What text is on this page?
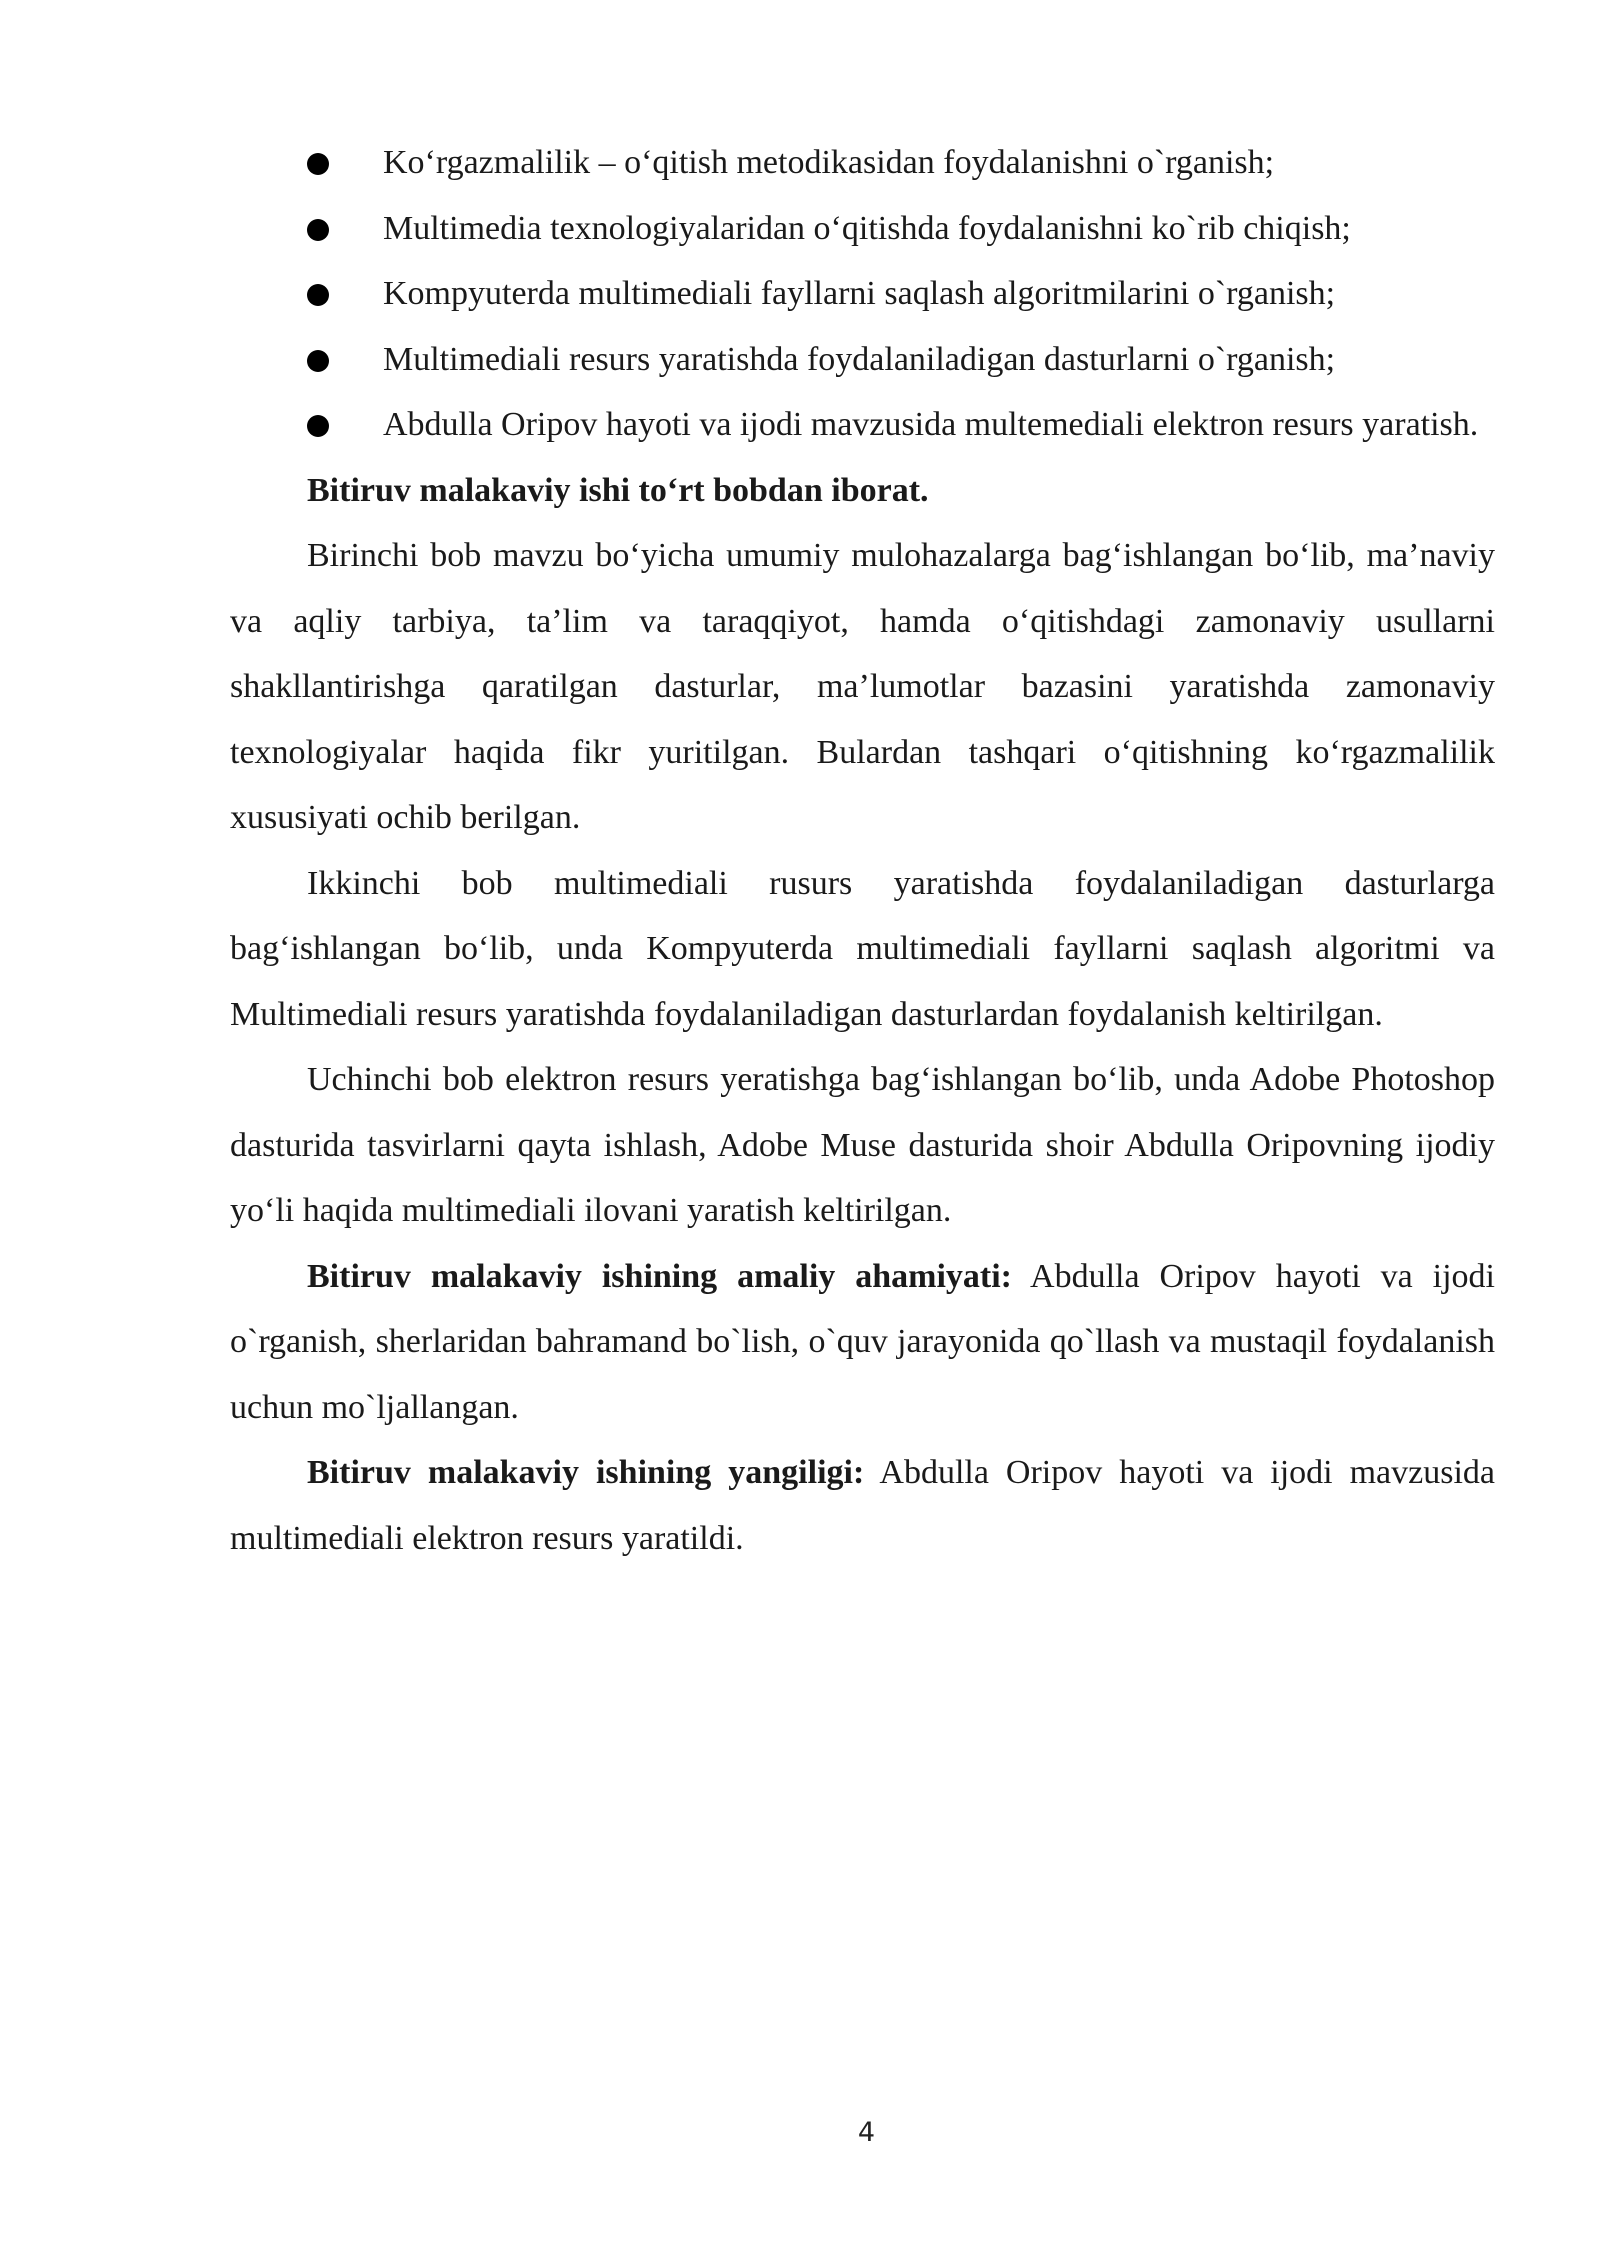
Ko‘rgazmalilik – o‘qitish metodikasidan foydalanishni o`rganish;
Multimedia texnologiyalaridan o‘qitishda foydalanishni ko`rib chiqish;
Kompyuterda multimediali fayllarni saqlash algoritmilarini o`rganish;
Multimediali resurs yaratishda foydalaniladigan dasturlarni o`rganish;
Abdulla Oripov hayoti va ijodi mavzusida multemediali elektron resurs yaratish.

Bitiruv malakaviy ishi to‘rt bobdan iborat.

Birinchi bob mavzu bo‘yicha umumiy mulohazalarga bag‘ishlangan bo‘lib, ma’naviy va aqliy tarbiya, ta’lim va taraqqiyot, hamda o‘qitishdagi zamonaviy usullarni shakllantirishga qaratilgan dasturlar, ma’lumotlar bazasini yaratishda zamonaviy texnologiyalar haqida fikr yuritilgan. Bulardan tashqari o‘qitishning ko‘rgazmalilik xususiyati ochib berilgan.

Ikkinchi bob multimediali rusurs yaratishda foydalaniladigan dasturlarga bag‘ishlangan bo‘lib, unda Kompyuterda multimediali fayllarni saqlash algoritmi va Multimediali resurs yaratishda foydalaniladigan dasturlardan foydalanish keltirilgan.

Uchinchi bob elektron resurs yeratishga bag‘ishlangan bo‘lib, unda Adobe Photoshop dasturida tasvirlarni qayta ishlash, Adobe Muse dasturida shoir Abdulla Oripovning ijodiy yo‘li haqida multimediali ilovani yaratish keltirilgan.

Bitiruv malakaviy ishining amaliy ahamiyati: Abdulla Oripov hayoti va ijodi o`rganish, sherlaridan bahramand bo`lish, o`quv jarayonida qo`llash va mustaqil foydalanish uchun mo`ljallangan.

Bitiruv malakaviy ishining yangiligi: Abdulla Oripov hayoti va ijodi mavzusida multimediali elektron resurs yaratildi.

4
